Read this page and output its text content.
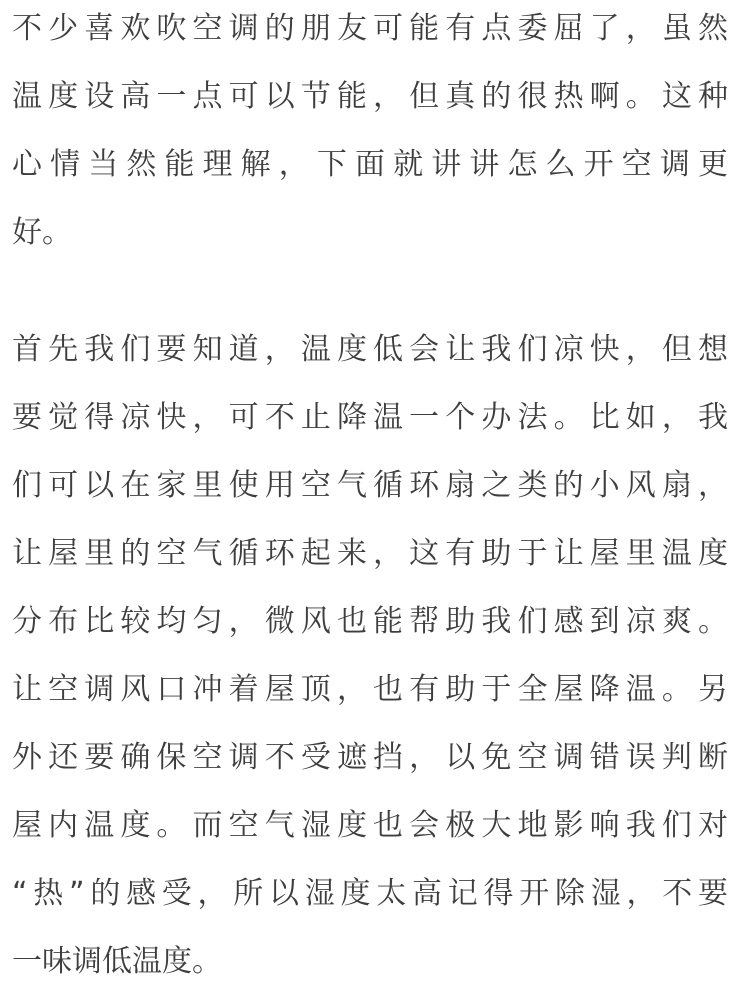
不少喜欢吹空调的朋友可能有点委屈了，虽然
温度设高一点可以节能，但真的很热啊。这种
心情当然能理解，下面就讲讲怎么开空调更
好。
首先我们要知道，温度低会让我们凉快，但想
要觉得凉快，可不止降温一个办法。比如，我
们可以在家里使用空气循环扇之类的小风扇，
让屋里的空气循环起来，这有助于让屋里温度
分布比较均匀，微风也能帮助我们感到凉爽。
让空调风口冲着屋顶，也有助于全屋降温。另
外还要确保空调不受遮挡，以免空调错误判断
屋内温度。而空气湿度也会极大地影响我们对
“热”的感受，所以湿度太高记得开除湿，不要
一味调低温度。
